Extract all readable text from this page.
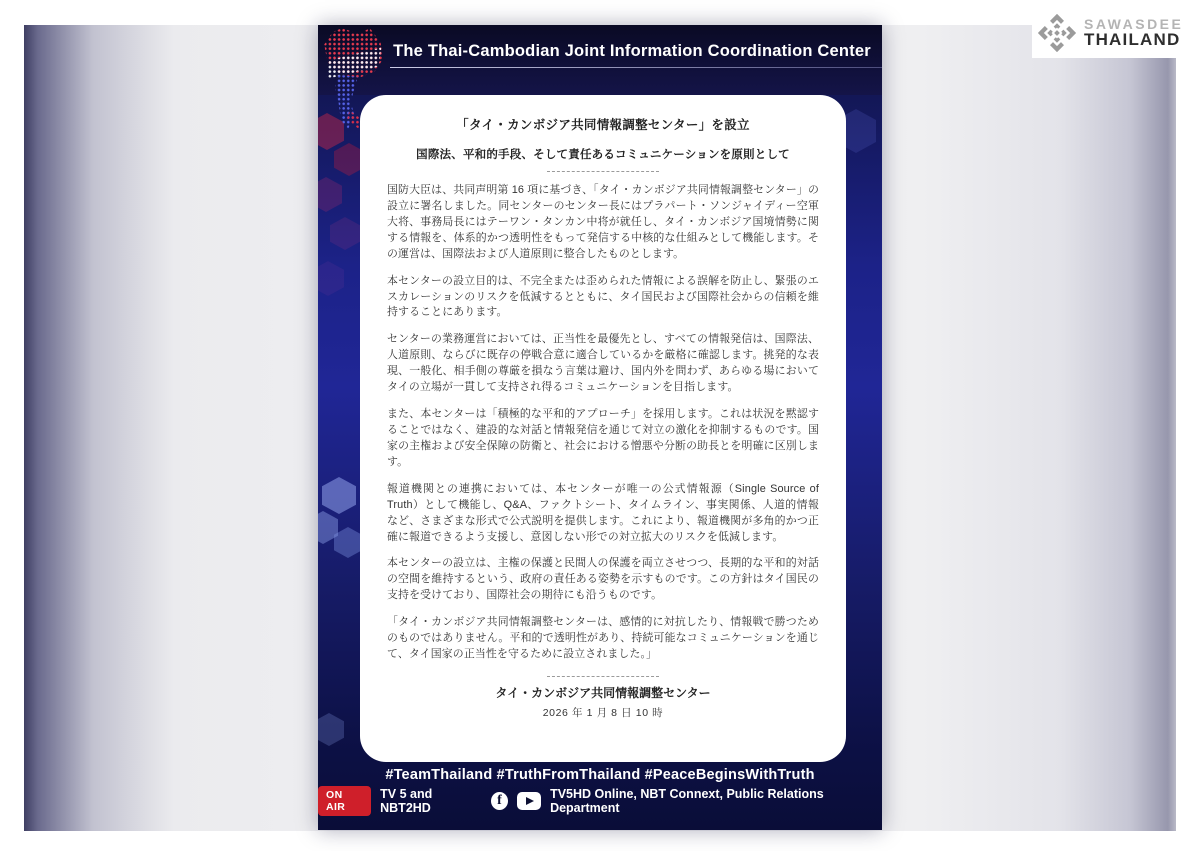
SAWASDEE
THAILAND
The Thai-Cambodian Joint Information Coordination Center
「タイ・カンボジア共同情報調整センター」を設立
国際法、平和的手段、そして責任あるコミュニケーションを原則として

国防大臣は、共同声明第 16 項に基づき、「タイ・カンボジア共同情報調整センター」の設立に署名しました。同センターのセンター長にはプラパート・ソンジャイディー空軍大将、事務局長にはテーワン・タンカン中将が就任し、タイ・カンボジア国境情勢に関する情報を、体系的かつ透明性をもって発信する中核的な仕組みとして機能します。その運営は、国際法および人道原則に整合したものとします。

本センターの設立目的は、不完全または歪められた情報による誤解を防止し、緊張のエスカレーションのリスクを低減するとともに、タイ国民および国際社会からの信頼を維持することにあります。

センターの業務運営においては、正当性を最優先とし、すべての情報発信は、国際法、人道原則、ならびに既存の停戦合意に適合しているかを厳格に確認します。挑発的な表現、一般化、相手側の尊厳を損なう言葉は避け、国内外を問わず、あらゆる場においてタイの立場が一貫して支持され得るコミュニケーションを目指します。

また、本センターは「積極的な平和的アプローチ」を採用します。これは状況を黙認することではなく、建設的な対話と情報発信を通じて対立の激化を抑制するものです。国家の主権および安全保障の防衛と、社会における憎悪や分断の助長とを明確に区別します。

報道機関との連携においては、本センターが唯一の公式情報源（Single Source of Truth）として機能し、Q&A、ファクトシート、タイムライン、事実関係、人道的情報など、さまざまな形式で公式説明を提供します。これにより、報道機関が多角的かつ正確に報道できるよう支援し、意図しない形での対立拡大のリスクを低減します。

本センターの設立は、主権の保護と民間人の保護を両立させつつ、長期的な平和的対話の空間を維持するという、政府の責任ある姿勢を示すものです。この方針はタイ国民の支持を受けており、国際社会の期待にも沿うものです。

「タイ・カンボジア共同情報調整センターは、感情的に対抗したり、情報戦で勝つためのものではありません。平和的で透明性があり、持続可能なコミュニケーションを通じて、タイ国家の正当性を守るために設立されました。」

タイ・カンボジア共同情報調整センター
2026 年 1 月 8 日 10 時
#TeamThailand #TruthFromThailand #PeaceBeginsWithTruth
ON AIR
TV 5 and NBT2HD
f
TV5HD Online, NBT Connext, Public Relations Department
